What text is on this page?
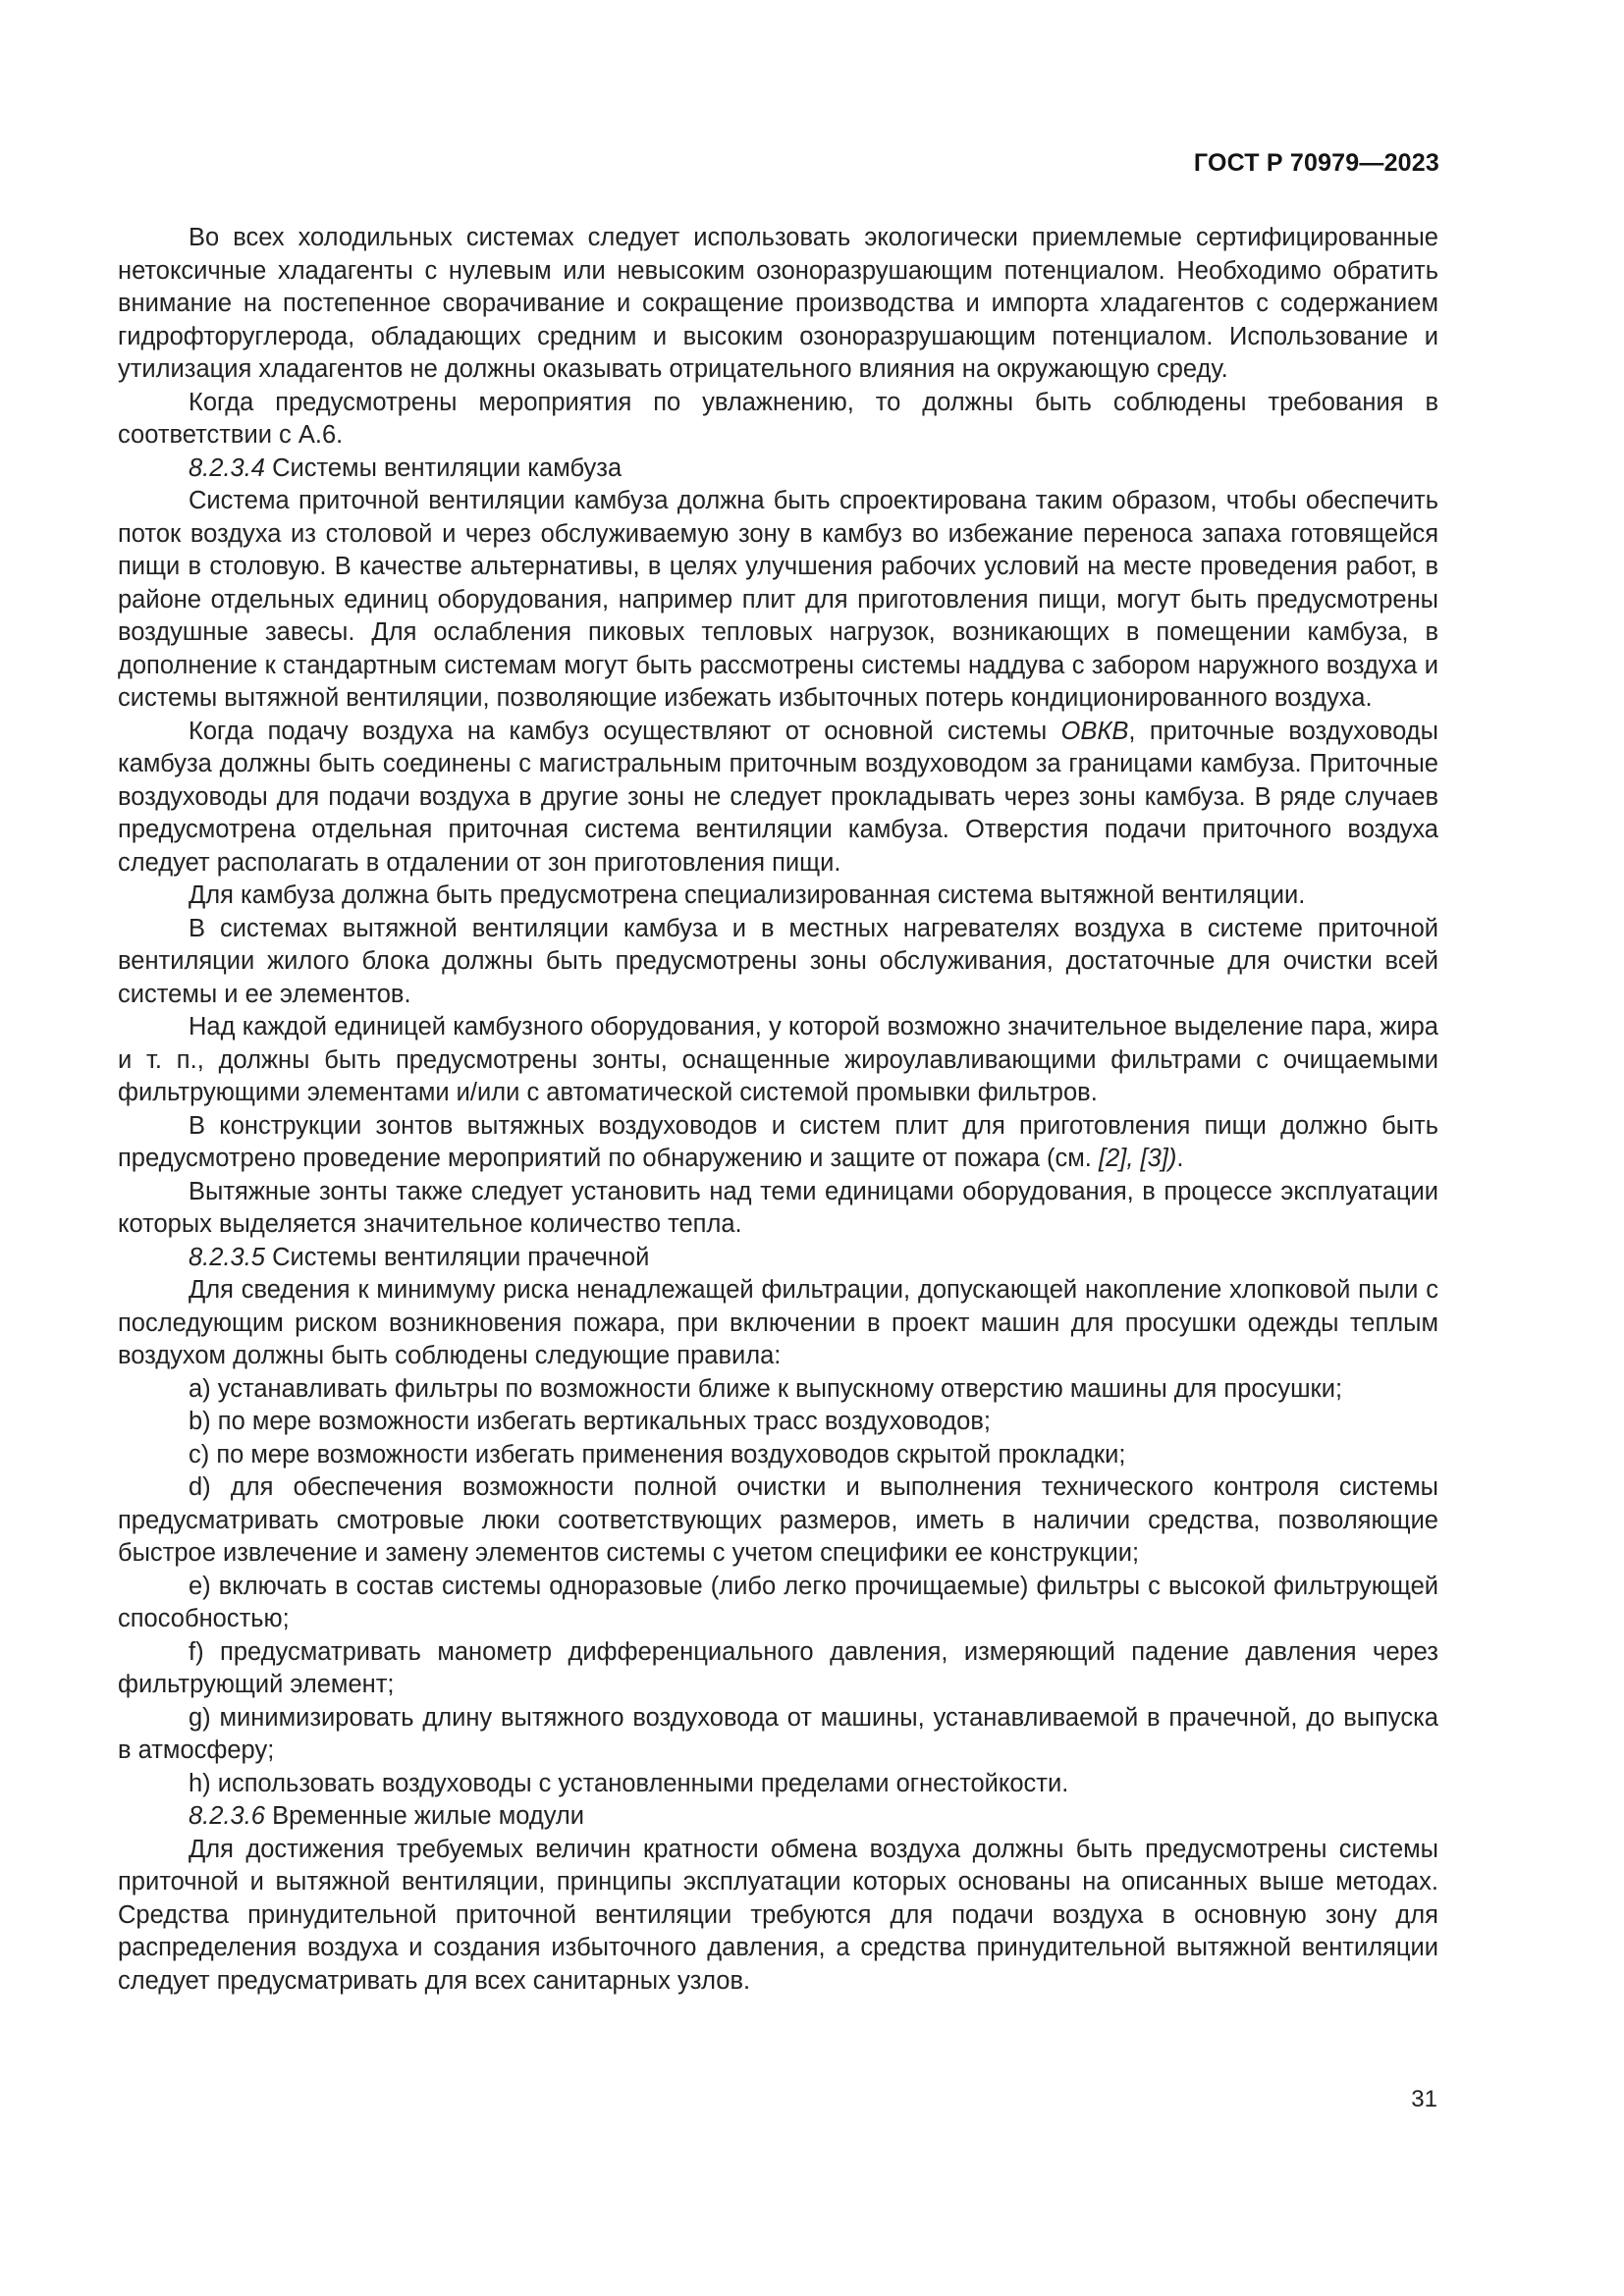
ГОСТ Р 70979—2023

Во всех холодильных системах следует использовать экологически приемлемые сертифицированные нетоксичные хладагенты с нулевым или невысоким озоноразрушающим потенциалом. Необходимо обратить внимание на постепенное сворачивание и сокращение производства и импорта хладагентов с содержанием гидрофторуглерода, обладающих средним и высоким озоноразрушающим потенциалом. Использование и утилизация хладагентов не должны оказывать отрицательного влияния на окружающую среду.

Когда предусмотрены мероприятия по увлажнению, то должны быть соблюдены требования в соответствии с А.6.

8.2.3.4 Системы вентиляции камбуза

Система приточной вентиляции камбуза должна быть спроектирована таким образом, чтобы обеспечить поток воздуха из столовой и через обслуживаемую зону в камбуз во избежание переноса запаха готовящейся пищи в столовую. В качестве альтернативы, в целях улучшения рабочих условий на месте проведения работ, в районе отдельных единиц оборудования, например плит для приготовления пищи, могут быть предусмотрены воздушные завесы. Для ослабления пиковых тепловых нагрузок, возникающих в помещении камбуза, в дополнение к стандартным системам могут быть рассмотрены системы наддува с забором наружного воздуха и системы вытяжной вентиляции, позволяющие избежать избыточных потерь кондиционированного воздуха.

Когда подачу воздуха на камбуз осуществляют от основной системы ОВКВ, приточные воздуховоды камбуза должны быть соединены с магистральным приточным воздуховодом за границами камбуза. Приточные воздуховоды для подачи воздуха в другие зоны не следует прокладывать через зоны камбуза. В ряде случаев предусмотрена отдельная приточная система вентиляции камбуза. Отверстия подачи приточного воздуха следует располагать в отдалении от зон приготовления пищи.

Для камбуза должна быть предусмотрена специализированная система вытяжной вентиляции.

В системах вытяжной вентиляции камбуза и в местных нагревателях воздуха в системе приточной вентиляции жилого блока должны быть предусмотрены зоны обслуживания, достаточные для очистки всей системы и ее элементов.

Над каждой единицей камбузного оборудования, у которой возможно значительное выделение пара, жира и т. п., должны быть предусмотрены зонты, оснащенные жироулавливающими фильтрами с очищаемыми фильтрующими элементами и/или с автоматической системой промывки фильтров.

В конструкции зонтов вытяжных воздуховодов и систем плит для приготовления пищи должно быть предусмотрено проведение мероприятий по обнаружению и защите от пожара (см. [2], [3]).

Вытяжные зонты также следует установить над теми единицами оборудования, в процессе эксплуатации которых выделяется значительное количество тепла.

8.2.3.5 Системы вентиляции прачечной

Для сведения к минимуму риска ненадлежащей фильтрации, допускающей накопление хлопковой пыли с последующим риском возникновения пожара, при включении в проект машин для просушки одежды теплым воздухом должны быть соблюдены следующие правила:

a) устанавливать фильтры по возможности ближе к выпускному отверстию машины для просушки;

b) по мере возможности избегать вертикальных трасс воздуховодов;

c) по мере возможности избегать применения воздуховодов скрытой прокладки;

d) для обеспечения возможности полной очистки и выполнения технического контроля системы предусматривать смотровые люки соответствующих размеров, иметь в наличии средства, позволяющие быстрое извлечение и замену элементов системы с учетом специфики ее конструкции;

e) включать в состав системы одноразовые (либо легко прочищаемые) фильтры с высокой фильтрующей способностью;

f) предусматривать манометр дифференциального давления, измеряющий падение давления через фильтрующий элемент;

g) минимизировать длину вытяжного воздуховода от машины, устанавливаемой в прачечной, до выпуска в атмосферу;

h) использовать воздуховоды с установленными пределами огнестойкости.

8.2.3.6 Временные жилые модули

Для достижения требуемых величин кратности обмена воздуха должны быть предусмотрены системы приточной и вытяжной вентиляции, принципы эксплуатации которых основаны на описанных выше методах. Средства принудительной приточной вентиляции требуются для подачи воздуха в основную зону для распределения воздуха и создания избыточного давления, а средства принудительной вытяжной вентиляции следует предусматривать для всех санитарных узлов.

31
